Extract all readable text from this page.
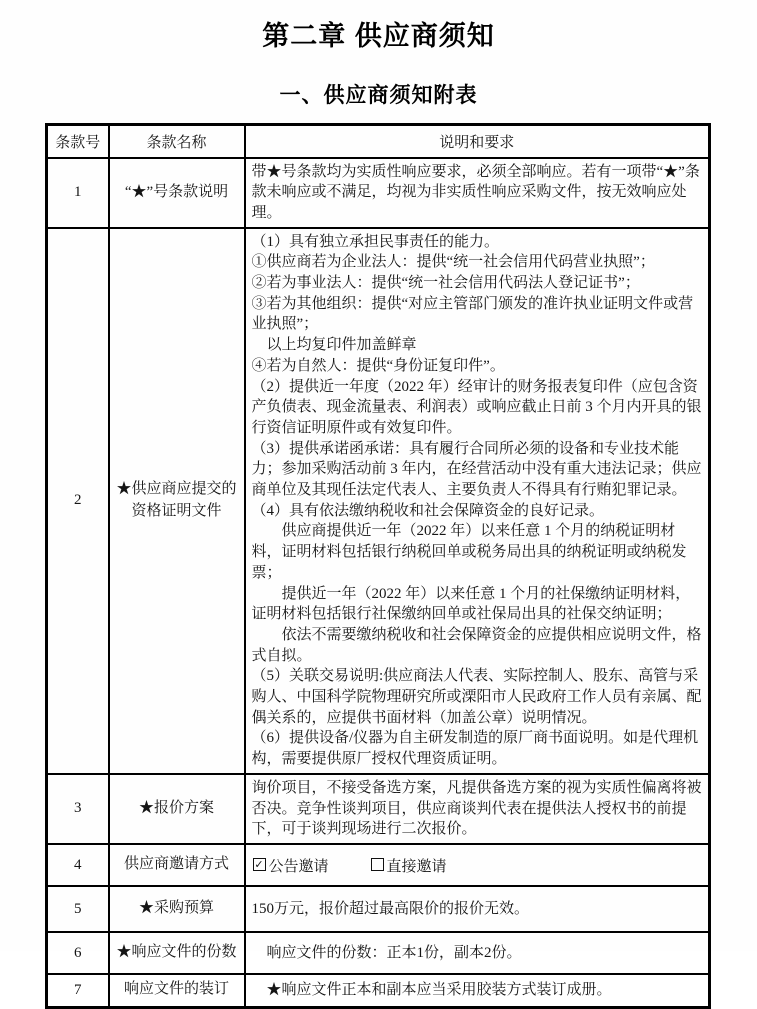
第二章 供应商须知
一、供应商须知附表
条款号	条款名称	说明和要求
1	“★”号条款说明	带★号条款均为实质性响应要求，必须全部响应。若有一项带“★”条款未响应或不满足，均视为非实质性响应采购文件，按无效响应处理。

2	★供应商应提交的资格证明文件	
（1）具有独立承担民事责任的能力。
①供应商若为企业法人：提供“统一社会信用代码营业执照”；
②若为事业法人：提供“统一社会信用代码法人登记证书”；
③若为其他组织：提供“对应主管部门颁发的准许执业证明文件或营业执照”；
以上均复印件加盖鲜章
④若为自然人：提供“身份证复印件”。
（2）提供近一年度（2022 年）经审计的财务报表复印件（应包含资产负债表、现金流量表、利润表）或响应截止日前 3 个月内开具的银行资信证明原件或有效复印件。
（3）提供承诺函承诺：具有履行合同所必须的设备和专业技术能力；参加采购活动前 3 年内，在经营活动中没有重大违法记录；供应商单位及其现任法定代表人、主要负责人不得具有行贿犯罪记录。
（4）具有依法缴纳税收和社会保障资金的良好记录。
供应商提供近一年（2022 年）以来任意 1 个月的纳税证明材料，证明材料包括银行纳税回单或税务局出具的纳税证明或纳税发票；
提供近一年（2022 年）以来任意 1 个月的社保缴纳证明材料，证明材料包括银行社保缴纳回单或社保局出具的社保交纳证明；
依法不需要缴纳税收和社会保障资金的应提供相应说明文件，格式自拟。
（5）关联交易说明:供应商法人代表、实际控制人、股东、高管与采购人、中国科学院物理研究所或溧阳市人民政府工作人员有亲属、配偶关系的，应提供书面材料（加盖公章）说明情况。
（6）提供设备/仪器为自主研发制造的原厂商书面说明。如是代理机构，需要提供原厂授权代理资质证明。

3	★报价方案	询价项目，不接受备选方案，凡提供备选方案的视为实质性偏离将被否决。竞争性谈判项目，供应商谈判代表在提供法人授权书的前提下，可于谈判现场进行二次报价。

4	供应商邀请方式	✓ 公告邀请 直接邀请

5	★采购预算	150万元，报价超过最高限价的报价无效。

6	★响应文件的份数	响应文件的份数：正本1份，副本2份。

7	响应文件的装订	★响应文件正本和副本应当采用胶装方式装订成册。
